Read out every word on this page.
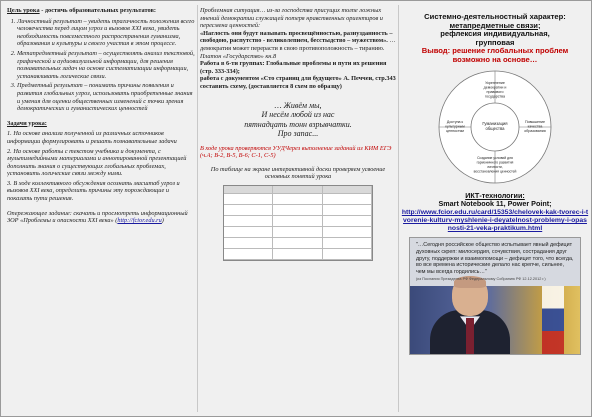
Цель урока - достичь образовательных результатов:

1. Личностный результат – увидеть трагичность положения всего человечества перед лицом угроз и вызовов XXI века, увидеть необходимость повсеместного распространения гуманизма, образования и культуры и своего участия в этом процессе.
2. Метапредметный результат – осуществлять анализ текстовой, графической и аудиовизуальной информации, для решения познавательных задач на основе систематизации информации, устанавливать логические связи.
3. Предметный результат – понимать причины появления и развития глобальных угроз, использовать приобретенные знания и умения для оценки общественных изменений с точки зрения демократических и гуманистических ценностей

Задачи урока:

1. На основе анализа полученной из различных источников информации формулировать и решать познавательные задачи

2. На основе работы с текстом учебника и документа, с мультимедийными материалами и аннотированной презентацией дополнить знания о существующих глобальных проблемах, установить логические связи между ними.

3. В ходе коллективного обсуждения осознать масштаб угроз и вызовов XXI века, определить причины эту порождающие и показать пути решения.

Опережающее задание: скачать и просмотреть информационный ЗОР «Проблемы и опасности XXI века» (http://fcior.edu.ru)

Проблемная ситуация… из-за господства присущих толпе ложных мнений демократии служащей потеря нравственных ориентиров и пересмена ценностей:

«Наглость они будут называть просвещённостью, разнузданность – свободою, распутство - великолепием, бесстыдство – мужеством». … демократия может перерасти в свою противоположность – тиранию.

Платон «Государство» кн.8

Работа в 6-ти группах: Глобальные проблемы и пути их решения (стр. 333-334);

работа с документом «Сто страниц для будущего» А. Печчеи, стр.343

составить схему, (доставляется 8 схем по образцу)

… Живём мы,
И несём любой из нас
пятнадцать тонн взрывчатки.
Про запас...

В ходе урока проверяются УУДЧерез выполнение заданий из КИМ ЕГЭ (ч.А; В-2, В-5, В-6; С-1, С-5)

По таблице на экране интерактивной доски проверяем усвоение основных понятий урока

Системно-деятельностный характер:
метапредметные связи;
рефлексия индивидуальная,
групповая
Вывод: решение глобальных проблем
возможно на основе…
Гуманизация общества
Укрепление демократии и правового государства
Доступа к культурным ценностям
Повышение качества образования
Создание условий для гармоничного развития личности, восстановления ценностей
ИКТ-технологии:
Smart Notebook 11, Power Point;
http://www.fcior.edu.ru/card/15353/chelovek-kak-tvorec-i-tvorenie-kulturv-myshlenie-i-deyatelnost-problemy-i-opasnosti-21-veka-praktikum.html
"…Сегодня российское общество испытывает явный дефицит духовных скреп: милосердия, сочувствия, сострадания друг другу, поддержки и взаимопомощи – дефицит того, что всегда, во все времена исторические делало нас крепче, сильнее, чем мы всегда гордились…"
(из Послания Президента РФ Федеральному Собранию РФ 12.12.2012 г.)
